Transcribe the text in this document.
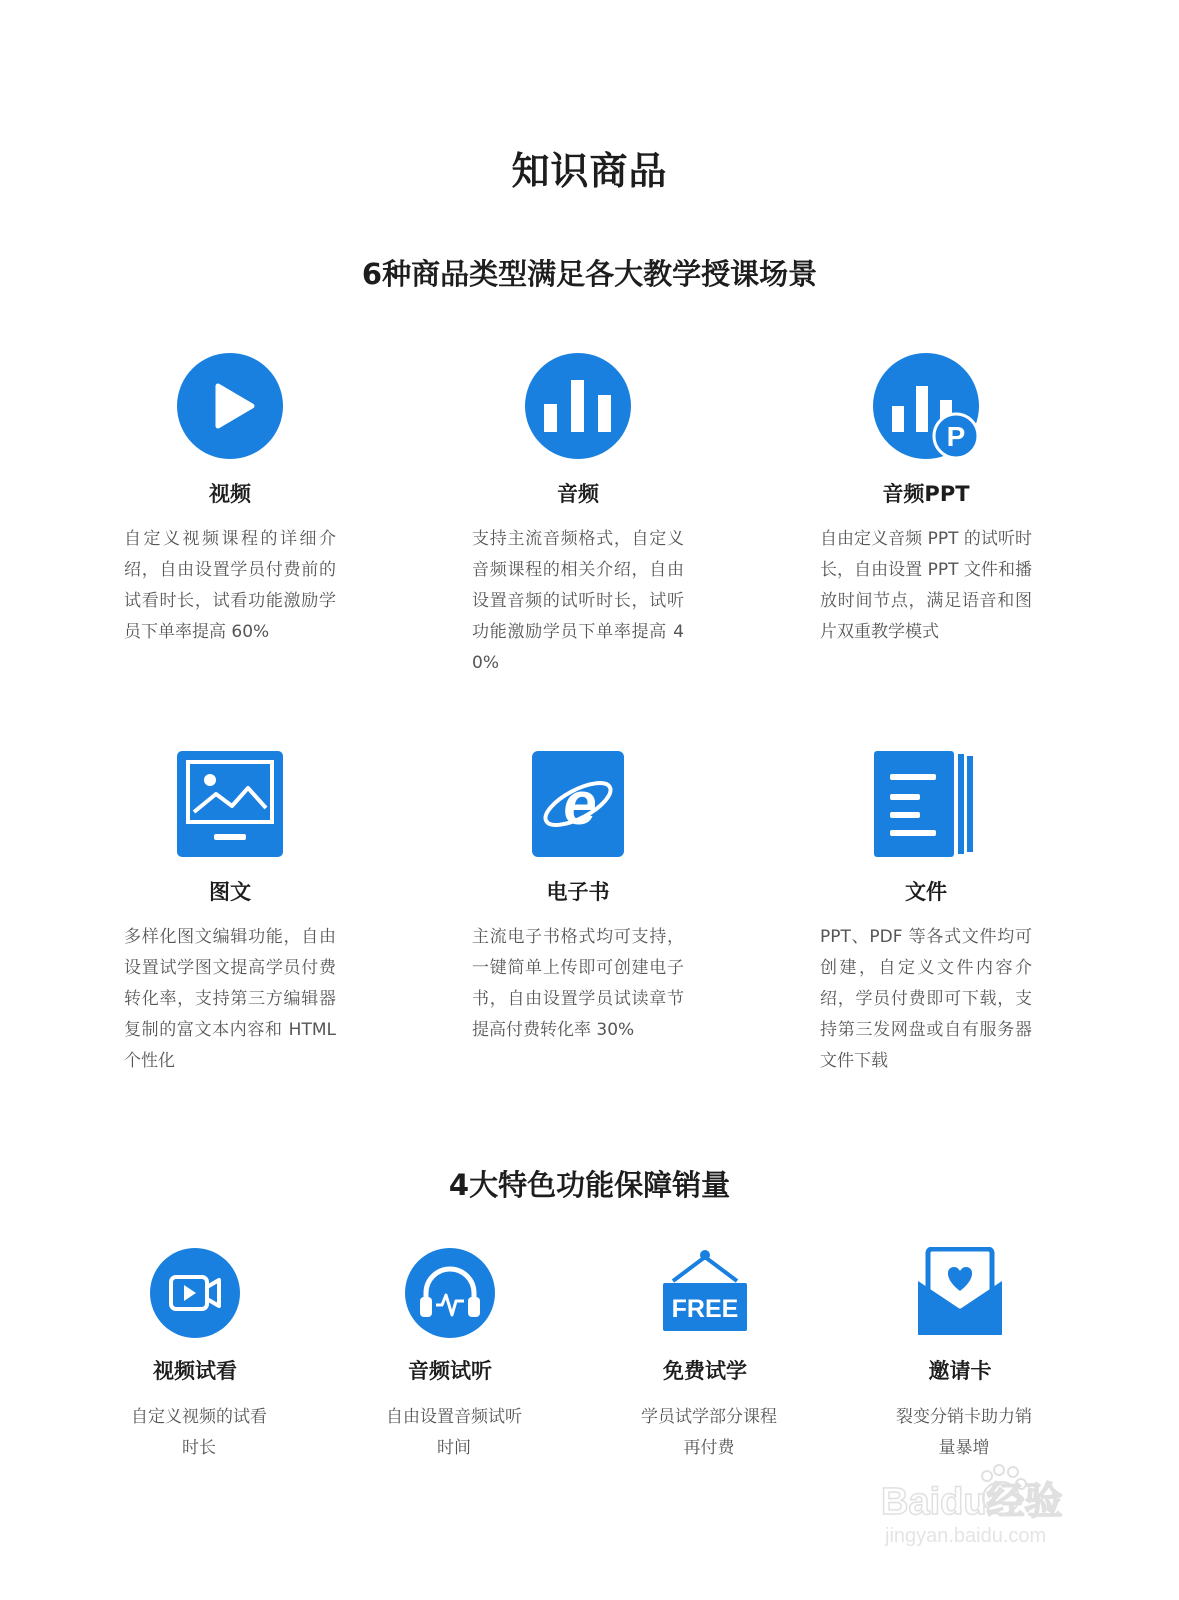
知识商品
6种商品类型满足各大教学授课场景
视频
自定义视频课程的详细介绍，自由设置学员付费前的试看时长，试看功能激励学员下单率提高 60%
音频
支持主流音频格式，自定义音频课程的相关介绍，自由设置音频的试听时长，试听功能激励学员下单率提高 40%
P
音频PPT
自由定义音频 PPT 的试听时长，自由设置 PPT 文件和播放时间节点，满足语音和图片双重教学模式
图文
多样化图文编辑功能，自由设置试学图文提高学员付费转化率，支持第三方编辑器复制的富文本内容和 HTML 个性化
e
电子书
主流电子书格式均可支持，一键简单上传即可创建电子书，自由设置学员试读章节提高付费转化率 30%
文件
PPT、PDF 等各式文件均可创建，自定义文件内容介绍，学员付费即可下载，支持第三发网盘或自有服务器文件下载
4大特色功能保障销量
视频试看
自定义视频的试看时长
音频试听
自由设置音频试听时间
FREE
免费试学
学员试学部分课程再付费
邀请卡
裂变分销卡助力销量暴增
Baidu经验
jingyan.baidu.com
